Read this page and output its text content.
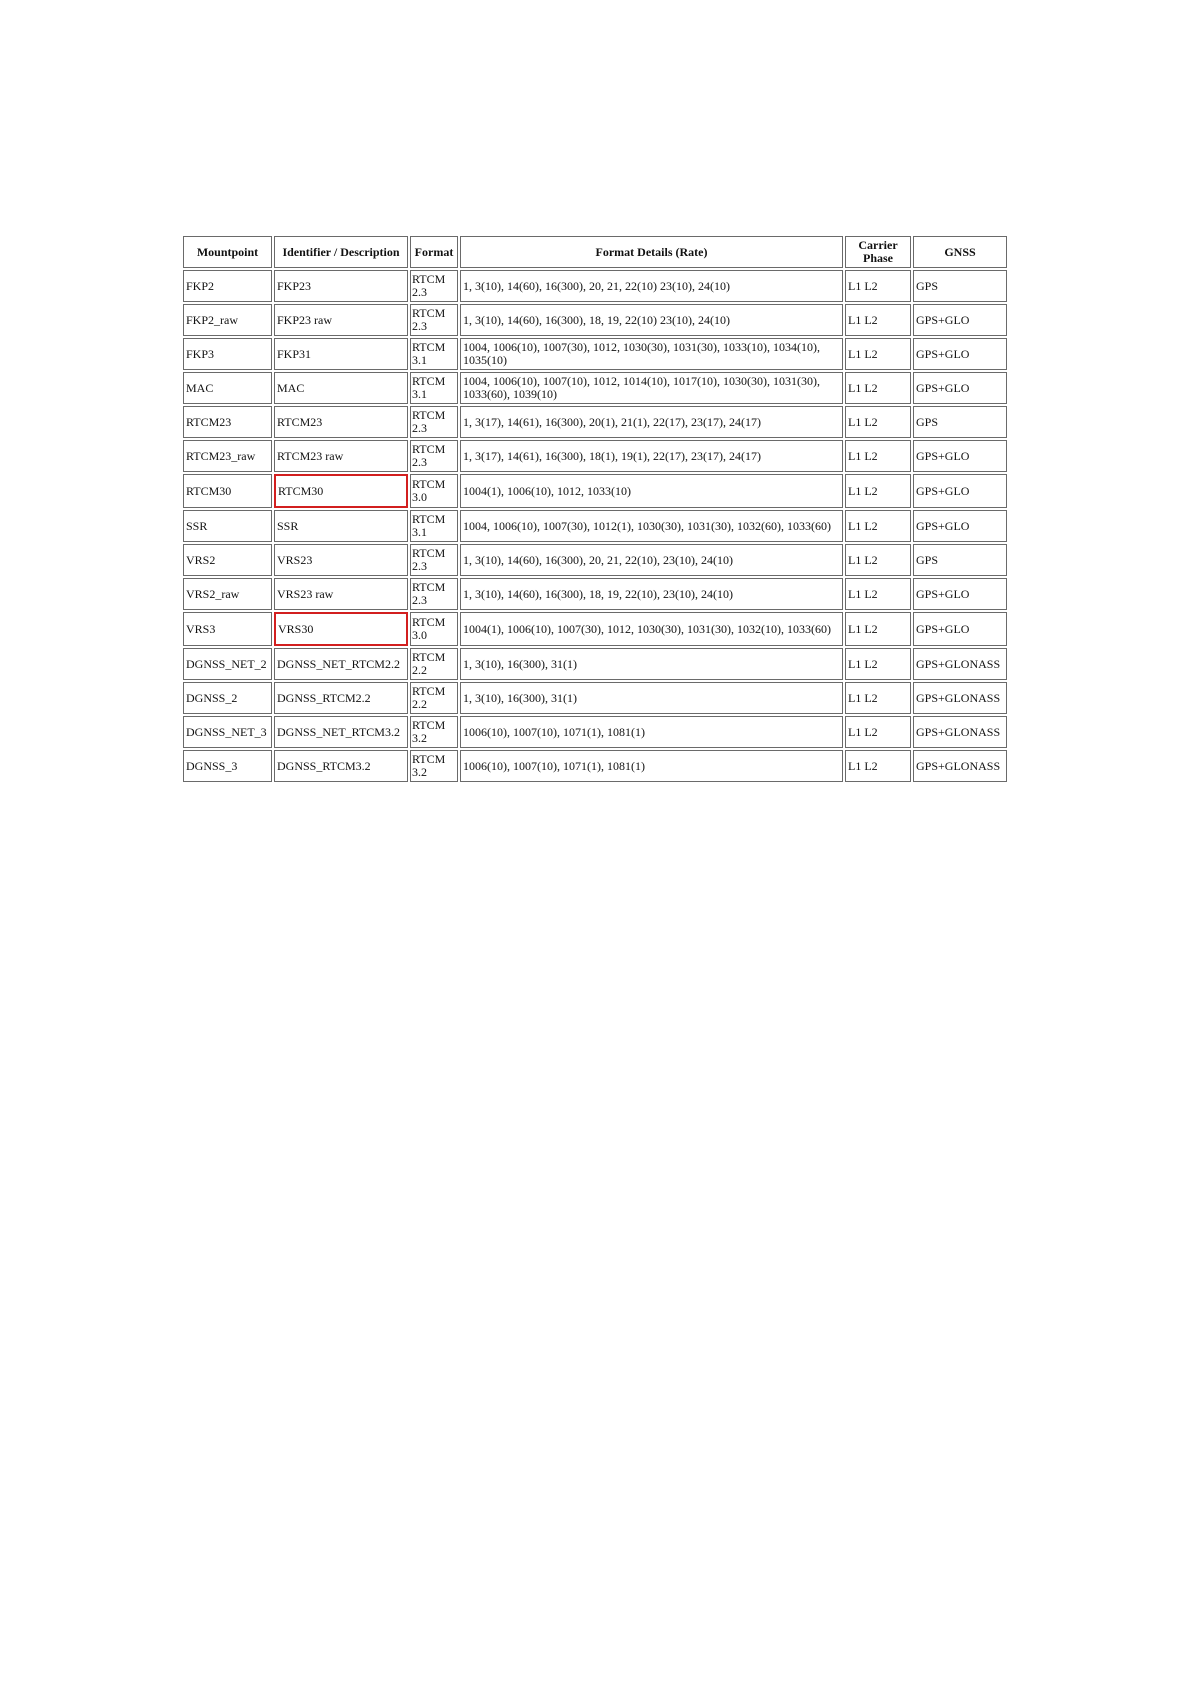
Mountpoint	Identifier / Description	Format	Format Details (Rate)	Carrier Phase	GNSS
FKP2	FKP23	RTCM 2.3	1, 3(10), 14(60), 16(300), 20, 21, 22(10) 23(10), 24(10)	L1 L2	GPS
FKP2_raw	FKP23 raw	RTCM 2.3	1, 3(10), 14(60), 16(300), 18, 19, 22(10) 23(10), 24(10)	L1 L2	GPS+GLO
FKP3	FKP31	RTCM 3.1	1004, 1006(10), 1007(30), 1012, 1030(30), 1031(30), 1033(10), 1034(10), 1035(10)	L1 L2	GPS+GLO
MAC	MAC	RTCM 3.1	1004, 1006(10), 1007(10), 1012, 1014(10), 1017(10), 1030(30), 1031(30), 1033(60), 1039(10)	L1 L2	GPS+GLO
RTCM23	RTCM23	RTCM 2.3	1, 3(17), 14(61), 16(300), 20(1), 21(1), 22(17), 23(17), 24(17)	L1 L2	GPS
RTCM23_raw	RTCM23 raw	RTCM 2.3	1, 3(17), 14(61), 16(300), 18(1), 19(1), 22(17), 23(17), 24(17)	L1 L2	GPS+GLO
RTCM30	RTCM30	RTCM 3.0	1004(1), 1006(10), 1012, 1033(10)	L1 L2	GPS+GLO
SSR	SSR	RTCM 3.1	1004, 1006(10), 1007(30), 1012(1), 1030(30), 1031(30), 1032(60), 1033(60)	L1 L2	GPS+GLO
VRS2	VRS23	RTCM 2.3	1, 3(10), 14(60), 16(300), 20, 21, 22(10), 23(10), 24(10)	L1 L2	GPS
VRS2_raw	VRS23 raw	RTCM 2.3	1, 3(10), 14(60), 16(300), 18, 19, 22(10), 23(10), 24(10)	L1 L2	GPS+GLO
VRS3	VRS30	RTCM 3.0	1004(1), 1006(10), 1007(30), 1012, 1030(30), 1031(30), 1032(10), 1033(60)	L1 L2	GPS+GLO
DGNSS_NET_2	DGNSS_NET_RTCM2.2	RTCM 2.2	1, 3(10), 16(300), 31(1)	L1 L2	GPS+GLONASS
DGNSS_2	DGNSS_RTCM2.2	RTCM 2.2	1, 3(10), 16(300), 31(1)	L1 L2	GPS+GLONASS
DGNSS_NET_3	DGNSS_NET_RTCM3.2	RTCM 3.2	1006(10), 1007(10), 1071(1), 1081(1)	L1 L2	GPS+GLONASS
DGNSS_3	DGNSS_RTCM3.2	RTCM 3.2	1006(10), 1007(10), 1071(1), 1081(1)	L1 L2	GPS+GLONASS
